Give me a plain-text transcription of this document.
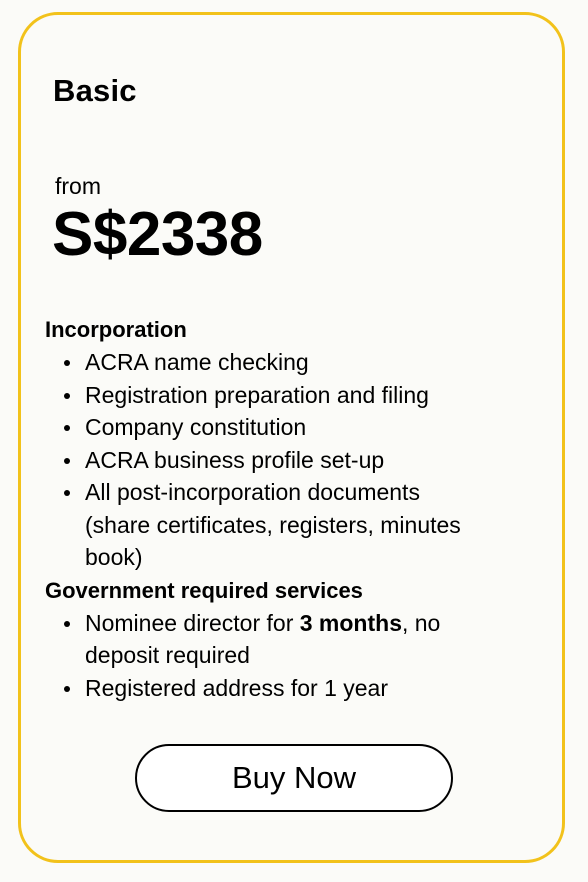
Basic
from
S$2338
Incorporation
ACRA name checking
Registration preparation and filing
Company constitution
ACRA business profile set-up
All post-incorporation documents
(share certificates, registers, minutes
book)
Government required services
Nominee director for 3 months, no
deposit required
Registered address for 1 year
Buy Now
